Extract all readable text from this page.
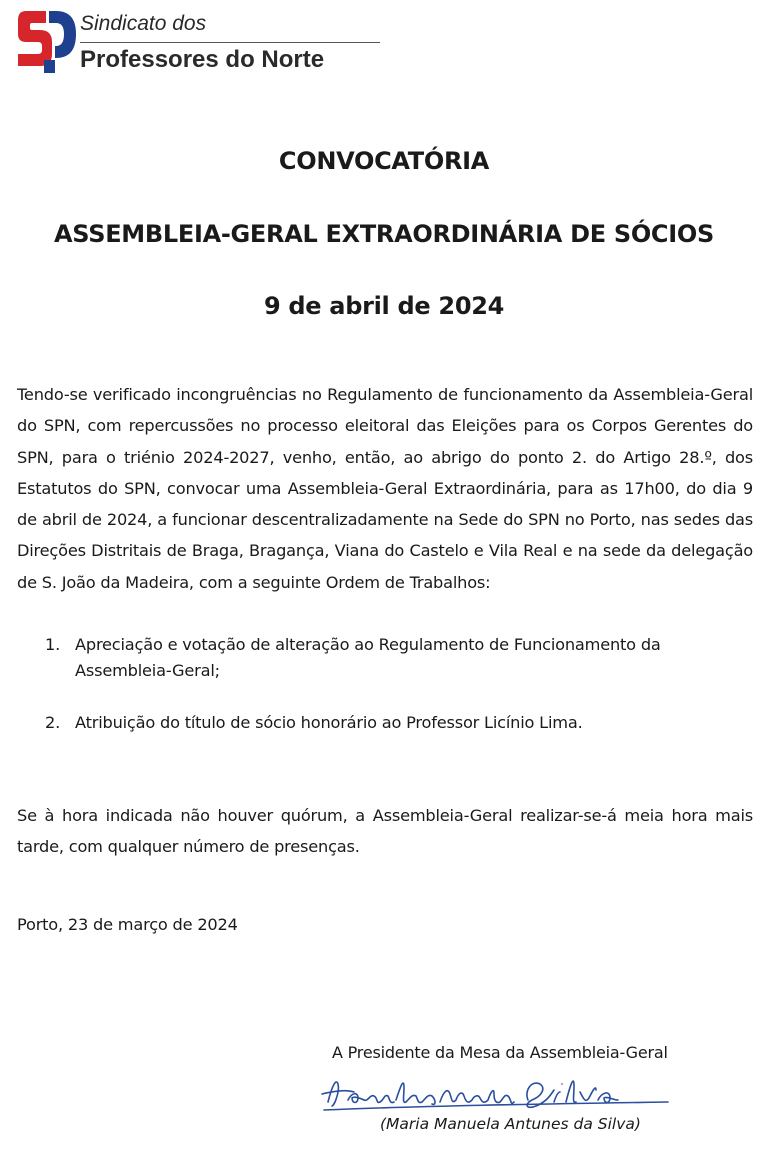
Sindicato dos
Professores do Norte
CONVOCATÓRIA
ASSEMBLEIA-GERAL EXTRAORDINÁRIA DE SÓCIOS
9 de abril de 2024
Tendo-se verificado incongruências no Regulamento de funcionamento da Assembleia-Geral do SPN, com repercussões no processo eleitoral das Eleições para os Corpos Gerentes do SPN, para o triénio 2024-2027, venho, então, ao abrigo do ponto 2. do Artigo 28.º, dos Estatutos do SPN, convocar uma Assembleia-Geral Extraordinária, para as 17h00, do dia 9 de abril de 2024, a funcionar descentralizadamente na Sede do SPN no Porto, nas sedes das Direções Distritais de Braga, Bragança, Viana do Castelo e Vila Real e na sede da delegação de S. João da Madeira, com a seguinte Ordem de Trabalhos:
1. Apreciação e votação de alteração ao Regulamento de Funcionamento da Assembleia-Geral;
2. Atribuição do título de sócio honorário ao Professor Licínio Lima.
Se à hora indicada não houver quórum, a Assembleia-Geral realizar-se-á meia hora mais tarde, com qualquer número de presenças.
Porto, 23 de março de 2024
A Presidente da Mesa da Assembleia-Geral
(Maria Manuela Antunes da Silva)
